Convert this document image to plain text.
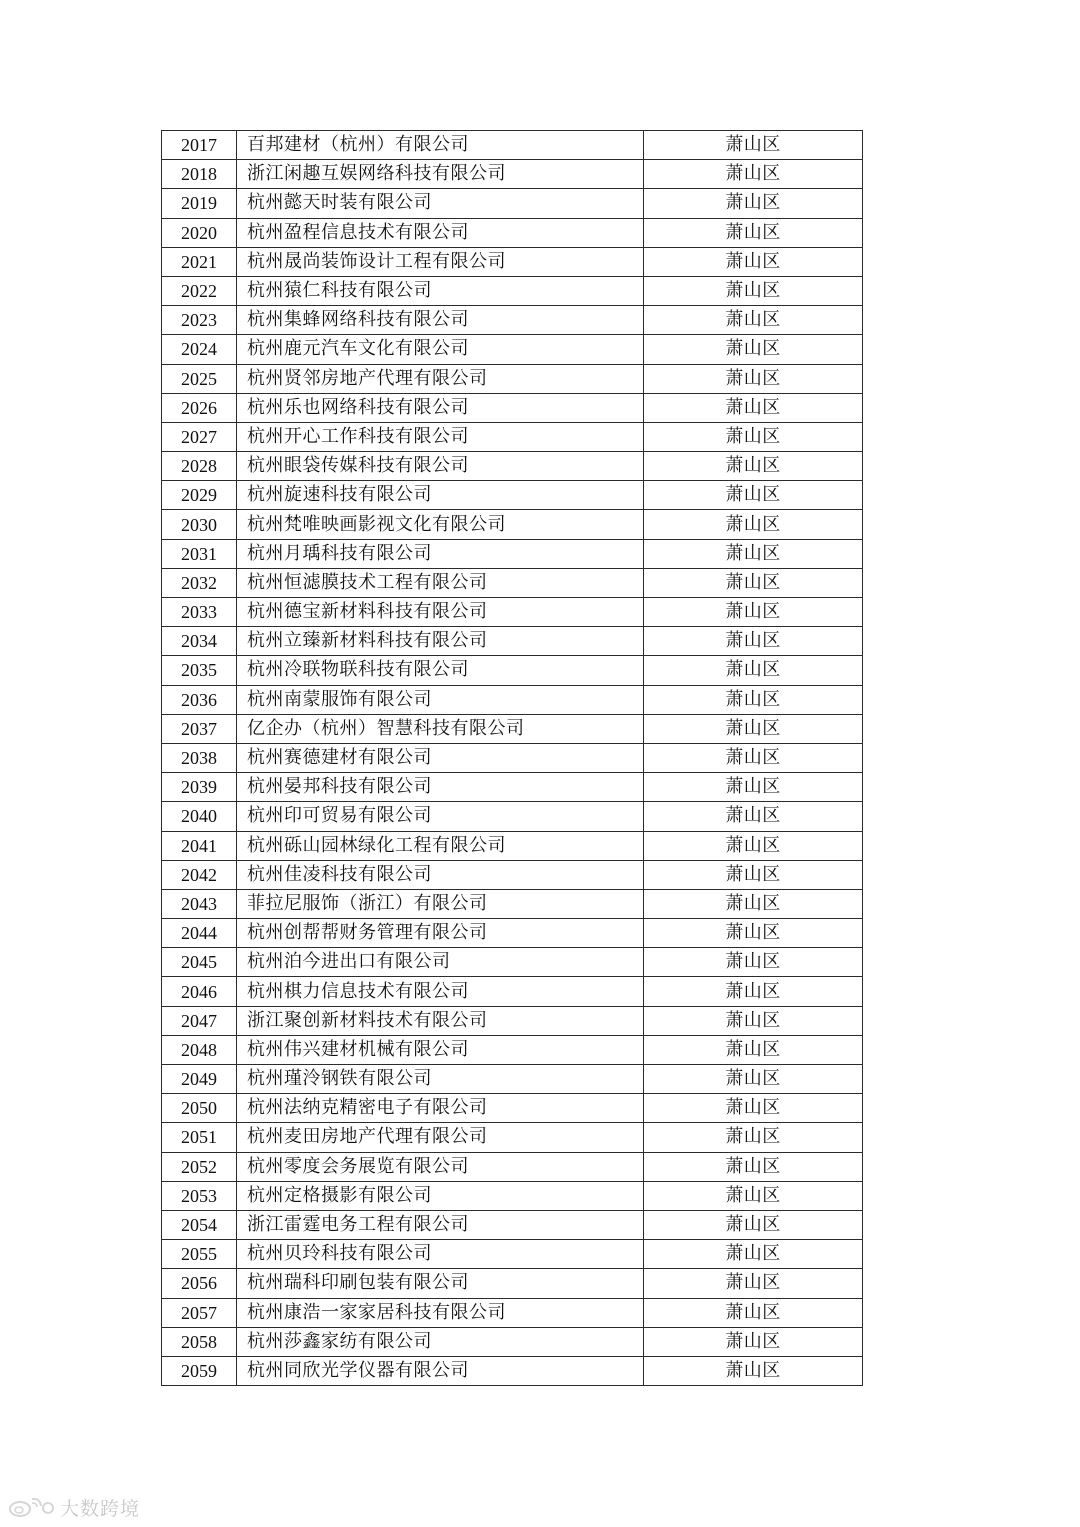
2017	百邦建材（杭州）有限公司	萧山区
2018	浙江闲趣互娱网络科技有限公司	萧山区
2019	杭州懿天时装有限公司	萧山区
2020	杭州盈程信息技术有限公司	萧山区
2021	杭州晟尚装饰设计工程有限公司	萧山区
2022	杭州猿仁科技有限公司	萧山区
2023	杭州集蜂网络科技有限公司	萧山区
2024	杭州鹿元汽车文化有限公司	萧山区
2025	杭州贤邻房地产代理有限公司	萧山区
2026	杭州乐也网络科技有限公司	萧山区
2027	杭州开心工作科技有限公司	萧山区
2028	杭州眼袋传媒科技有限公司	萧山区
2029	杭州旋速科技有限公司	萧山区
2030	杭州梵唯映画影视文化有限公司	萧山区
2031	杭州月瑀科技有限公司	萧山区
2032	杭州恒滤膜技术工程有限公司	萧山区
2033	杭州德宝新材料科技有限公司	萧山区
2034	杭州立臻新材料科技有限公司	萧山区
2035	杭州冷联物联科技有限公司	萧山区
2036	杭州南蒙服饰有限公司	萧山区
2037	亿企办（杭州）智慧科技有限公司	萧山区
2038	杭州赛德建材有限公司	萧山区
2039	杭州晏邦科技有限公司	萧山区
2040	杭州印可贸易有限公司	萧山区
2041	杭州砾山园林绿化工程有限公司	萧山区
2042	杭州佳凌科技有限公司	萧山区
2043	菲拉尼服饰（浙江）有限公司	萧山区
2044	杭州创帮帮财务管理有限公司	萧山区
2045	杭州泊今进出口有限公司	萧山区
2046	杭州棋力信息技术有限公司	萧山区
2047	浙江聚创新材料技术有限公司	萧山区
2048	杭州伟兴建材机械有限公司	萧山区
2049	杭州瑾泠钢铁有限公司	萧山区
2050	杭州法纳克精密电子有限公司	萧山区
2051	杭州麦田房地产代理有限公司	萧山区
2052	杭州零度会务展览有限公司	萧山区
2053	杭州定格摄影有限公司	萧山区
2054	浙江雷霆电务工程有限公司	萧山区
2055	杭州贝玲科技有限公司	萧山区
2056	杭州瑞科印刷包装有限公司	萧山区
2057	杭州康浩一家家居科技有限公司	萧山区
2058	杭州莎鑫家纺有限公司	萧山区
2059	杭州同欣光学仪器有限公司	萧山区
大数跨境
